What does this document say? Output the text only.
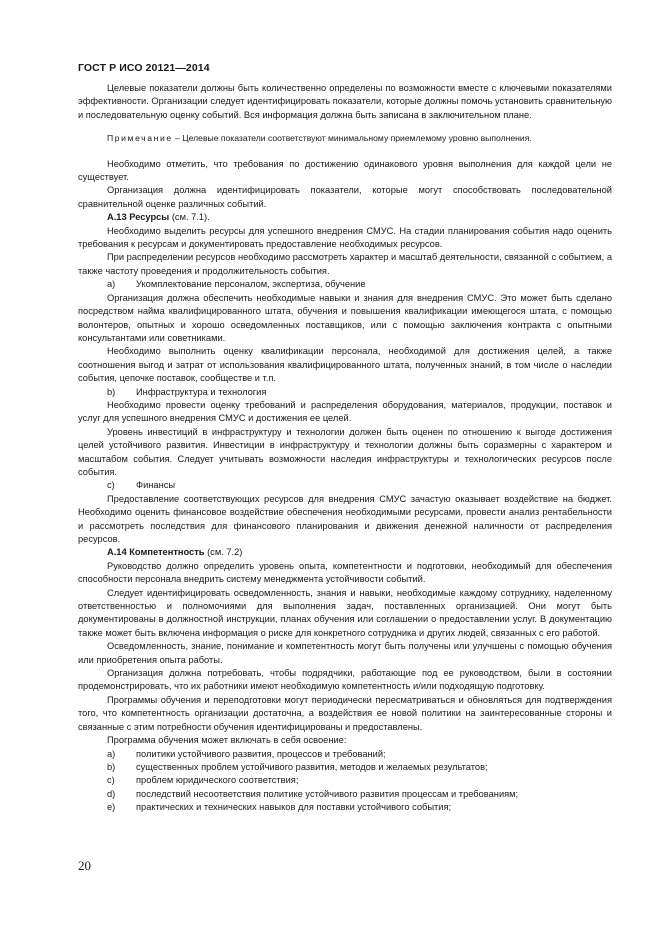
ГОСТ Р ИСО 20121—2014

Целевые показатели должны быть количественно определены по возможности вместе с ключевыми показателями эффективности. Организации следует идентифицировать показатели, которые должны помочь установить сравнительную и последовательную оценку событий. Вся информация должна быть записана в заключительном плане.

Примечание – Целевые показатели соответствуют минимальному приемлемому уровню выполнения.

Необходимо отметить, что требования по достижению одинакового уровня выполнения для каждой цели не существует.

Организация должна идентифицировать показатели, которые могут способствовать последовательной сравнительной оценке различных событий.

А.13 Ресурсы (см. 7.1).

Необходимо выделить ресурсы для успешного внедрения СМУС. На стадии планирования события надо оценить требования к ресурсам и документировать предоставление необходимых ресурсов.

При распределении ресурсов необходимо рассмотреть характер и масштаб деятельности, связанной с событием, а также частоту проведения и продолжительность события.

a)	Укомплектование персоналом, экспертиза, обучение

Организация должна обеспечить необходимые навыки и знания для внедрения СМУС. Это может быть сделано посредством найма квалифицированного штата, обучения и повышения квалификации имеющегося штата, с помощью волонтеров, опытных и хорошо осведомленных поставщиков, или с помощью заключения контракта с опытными консультантами или советниками.

Необходимо выполнить оценку квалификации персонала, необходимой для достижения целей, а также соотношения выгод и затрат от использования квалифицированного штата, полученных знаний, в том числе о наследии события, цепочке поставок, сообществе и т.п.

b)	Инфраструктура и технология

Необходимо провести оценку требований и распределения оборудования, материалов, продукции, поставок и услуг для успешного внедрения СМУС и достижения ее целей.

Уровень инвестиций в инфраструктуру и технологии должен быть оценен по отношению к выгоде достижения целей устойчивого развития. Инвестиции в инфраструктуру и технологии должны быть соразмерны с характером и масштабом события. Следует учитывать возможности наследия инфраструктуры и технологических ресурсов после события.

c)	Финансы

Предоставление соответствующих ресурсов для внедрения СМУС зачастую оказывает воздействие на бюджет. Необходимо оценить финансовое воздействие обеспечения необходимыми ресурсами, провести анализ рентабельности и рассмотреть последствия для финансового планирования и движения денежной наличности от распределения ресурсов.

А.14 Компетентность (см. 7.2)

Руководство должно определить уровень опыта, компетентности и подготовки, необходимый для обеспечения способности персонала внедрить систему менеджмента устойчивости событий.

Следует идентифицировать осведомленность, знания и навыки, необходимые каждому сотруднику, наделенному ответственностью и полномочиями для выполнения задач, поставленных организацией. Они могут быть документированы в должностной инструкции, планах обучения или соглашении о предоставлении услуг. В документацию также может быть включена информация о риске для конкретного сотрудника и других людей, связанных с его работой.

Осведомленность, знание, понимание и компетентность могут быть получены или улучшены с помощью обучения или приобретения опыта работы.

Организация должна потребовать, чтобы подрядчики, работающие под ее руководством, были в состоянии продемонстрировать, что их работники имеют необходимую компетентность и/или подходящую подготовку.

Программы обучения и переподготовки могут периодически пересматриваться и обновляться для подтверждения того, что компетентность организации достаточна, а воздействия ее новой политики на заинтересованные стороны и связанные с этим потребности обучения идентифицированы и предоставлены.

Программа обучения может включать в себя освоение:

a)	политики устойчивого развития, процессов и требований;
b)	существенных проблем устойчивого развития, методов и желаемых результатов;
c)	проблем юридического соответствия;
d)	последствий несоответствия политике устойчивого развития процессам и требованиям;
e)	практических и технических навыков для поставки устойчивого события;
20
